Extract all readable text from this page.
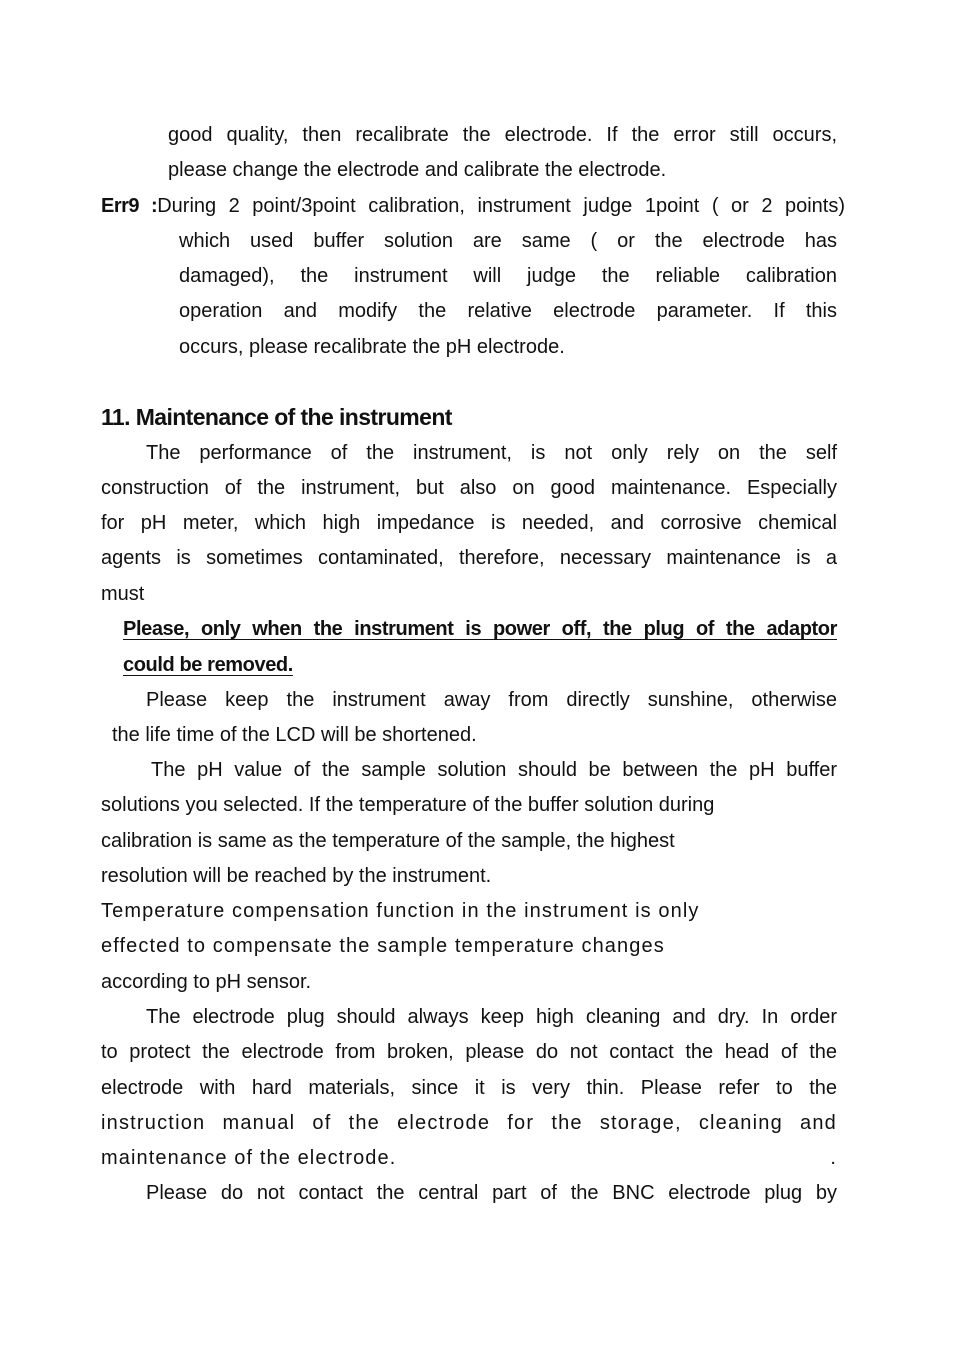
good quality, then recalibrate the electrode. If the error still occurs,
please change the electrode and calibrate the electrode.
Err9 :During 2 point/3point calibration, instrument judge 1point ( or 2 points)
which used buffer solution are same ( or the electrode has
damaged), the instrument will judge the reliable calibration
operation and modify the relative electrode parameter. If this
occurs, please recalibrate the pH electrode.
11. Maintenance of the instrument
The performance of the instrument, is not only rely on the self
construction of the instrument, but also on good maintenance. Especially
for pH meter, which high impedance is needed, and corrosive chemical
agents is sometimes contaminated, therefore, necessary maintenance is a
must
Please, only when the instrument is power off, the plug of the adaptor
could be removed.
Please keep the instrument away from directly sunshine, otherwise
the life time of the LCD will be shortened.
The pH value of the sample solution should be between the pH buffer
solutions you selected. If the temperature of the buffer solution during
calibration is same as the temperature of the sample, the highest
resolution will be reached by the instrument.
Temperature compensation function in the instrument is only
effected to compensate the sample temperature changes
according to pH sensor.
The electrode plug should always keep high cleaning and dry. In order
to protect the electrode from broken, please do not contact the head of the
electrode with hard materials, since it is very thin. Please refer to the
instruction manual of the electrode for the storage, cleaning and
maintenance of the electrode.	.
Please do not contact the central part of the BNC electrode plug by
